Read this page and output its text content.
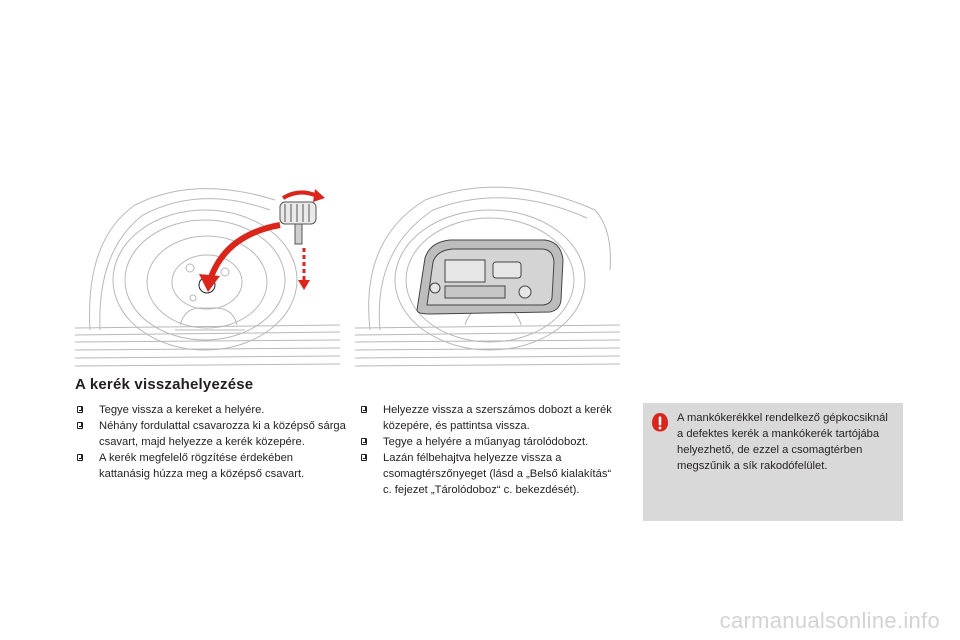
A kerék visszahelyezése
Tegye vissza a kereket a helyére.
Néhány fordulattal csavarozza ki a középső sárga csavart, majd helyezze a kerék közepére.
A kerék megfelelő rögzítése érdekében kattanásig húzza meg a középső csavart.
Helyezze vissza a szerszámos dobozt a kerék közepére, és pattintsa vissza.
Tegye a helyére a műanyag tárolódobozt.
Lazán félbehajtva helyezze vissza a csomagtérszőnyeget (lásd a „Belső kialakítás“ c. fejezet „Tárolódoboz“ c. bekezdését).
A mankókerékkel rendelkező gépkocsiknál a defektes kerék a mankókerék tartójába helyezhető, de ezzel a csomagtérben megszűnik a sík rakodófelület.
carmanualsonline.info
